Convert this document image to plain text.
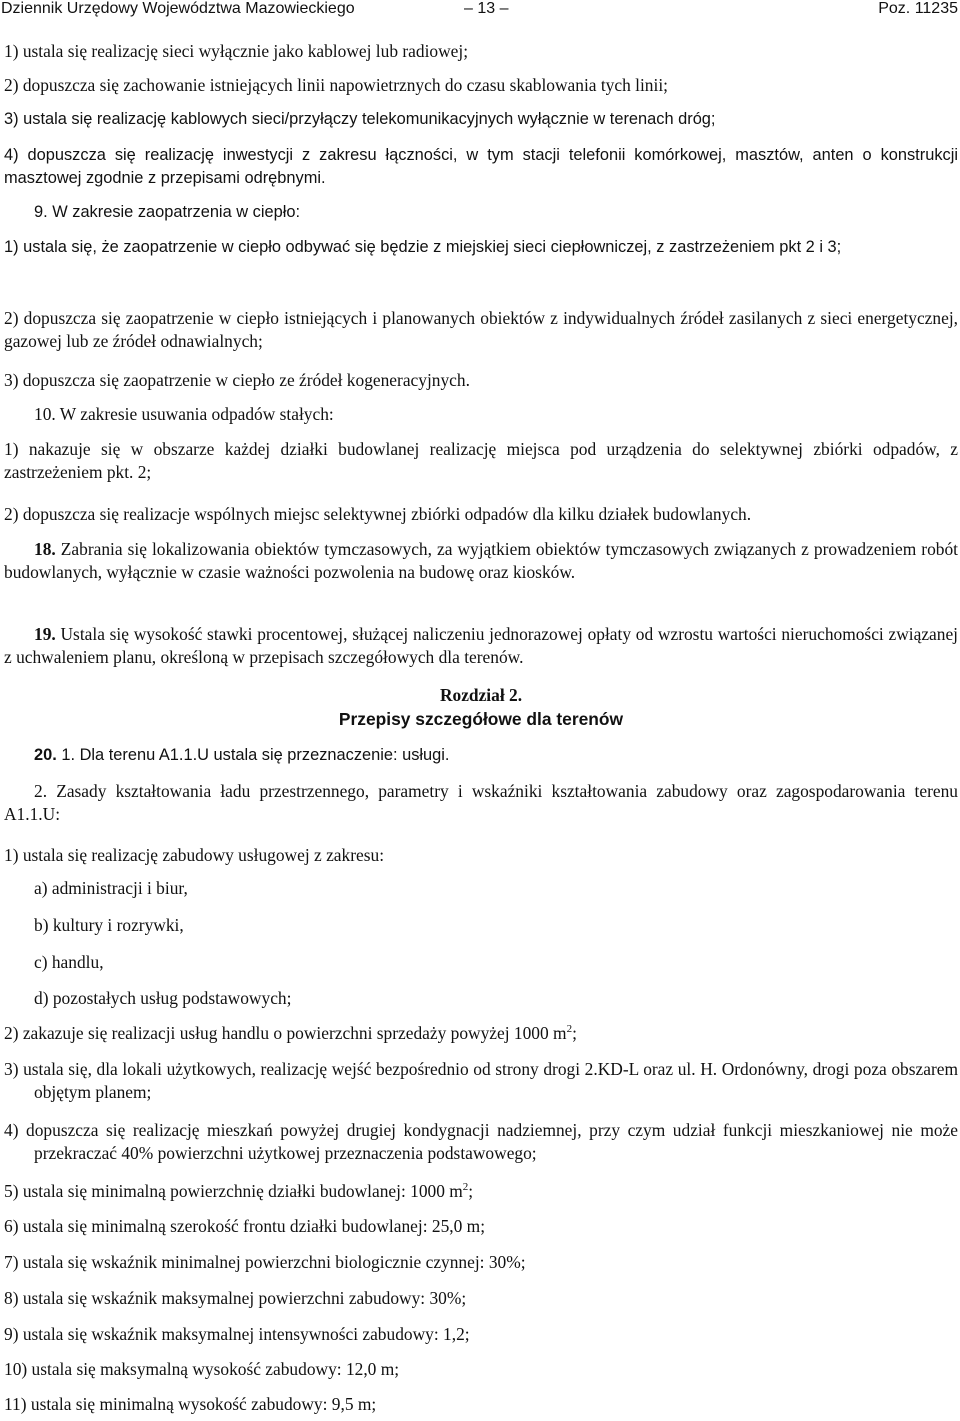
Dziennik Urzędowy Województwa Mazowieckiego	– 13 –	Poz. 11235
1) ustala się realizację sieci wyłącznie jako kablowej lub radiowej;
2) dopuszcza się zachowanie istniejących linii napowietrznych do czasu skablowania tych linii;
3) ustala się realizację kablowych sieci/przyłączy telekomunikacyjnych wyłącznie w terenach dróg;
4) dopuszcza się realizację inwestycji z zakresu łączności, w tym stacji telefonii komórkowej, masztów, anten o konstrukcji masztowej zgodnie z przepisami odrębnymi.
9. W zakresie zaopatrzenia w ciepło:
1) ustala się, że zaopatrzenie w ciepło odbywać się będzie z miejskiej sieci ciepłowniczej, z zastrzeżeniem pkt 2 i 3;
2) dopuszcza się zaopatrzenie w ciepło istniejących i planowanych obiektów z indywidualnych źródeł zasilanych z sieci energetycznej, gazowej lub ze źródeł odnawialnych;
3) dopuszcza się zaopatrzenie w ciepło ze źródeł kogeneracyjnych.
10. W zakresie usuwania odpadów stałych:
1) nakazuje się w obszarze każdej działki budowlanej realizację miejsca pod urządzenia do selektywnej zbiórki odpadów, z zastrzeżeniem pkt. 2;
2) dopuszcza się realizacje wspólnych miejsc selektywnej zbiórki odpadów dla kilku działek budowlanych.
18. Zabrania się lokalizowania obiektów tymczasowych, za wyjątkiem obiektów tymczasowych związanych z prowadzeniem robót budowlanych, wyłącznie w czasie ważności pozwolenia na budowę oraz kiosków.
19. Ustala się wysokość stawki procentowej, służącej naliczeniu jednorazowej opłaty od wzrostu wartości nieruchomości związanej z uchwaleniem planu, określoną w przepisach szczegółowych dla terenów.
Rozdział 2.
Przepisy szczegółowe dla terenów
20. 1. Dla terenu A1.1.U ustala się przeznaczenie: usługi.
2. Zasady kształtowania ładu przestrzennego, parametry i wskaźniki kształtowania zabudowy oraz zagospodarowania terenu A1.1.U:
1) ustala się realizację zabudowy usługowej z zakresu:
a) administracji i biur,
b) kultury i rozrywki,
c) handlu,
d) pozostałych usług podstawowych;
2) zakazuje się realizacji usług handlu o powierzchni sprzedaży powyżej 1000 $m^2$;
3) ustala się, dla lokali użytkowych, realizację wejść bezpośrednio od strony drogi 2.KD-L oraz ul. H. Ordonówny, drogi poza obszarem objętym planem;
4) dopuszcza się realizację mieszkań powyżej drugiej kondygnacji nadziemnej, przy czym udział funkcji mieszkaniowej nie może przekraczać 40% powierzchni użytkowej przeznaczenia podstawowego;
5) ustala się minimalną powierzchnię działki budowlanej: 1000 $m^2$;
6) ustala się minimalną szerokość frontu działki budowlanej: 25,0 m;
7) ustala się wskaźnik minimalnej powierzchni biologicznie czynnej: 30%;
8) ustala się wskaźnik maksymalnej powierzchni zabudowy: 30%;
9) ustala się wskaźnik maksymalnej intensywności zabudowy: 1,2;
10) ustala się maksymalną wysokość zabudowy: 12,0 m;
11) ustala się minimalną wysokość zabudowy: 9,5 m;
